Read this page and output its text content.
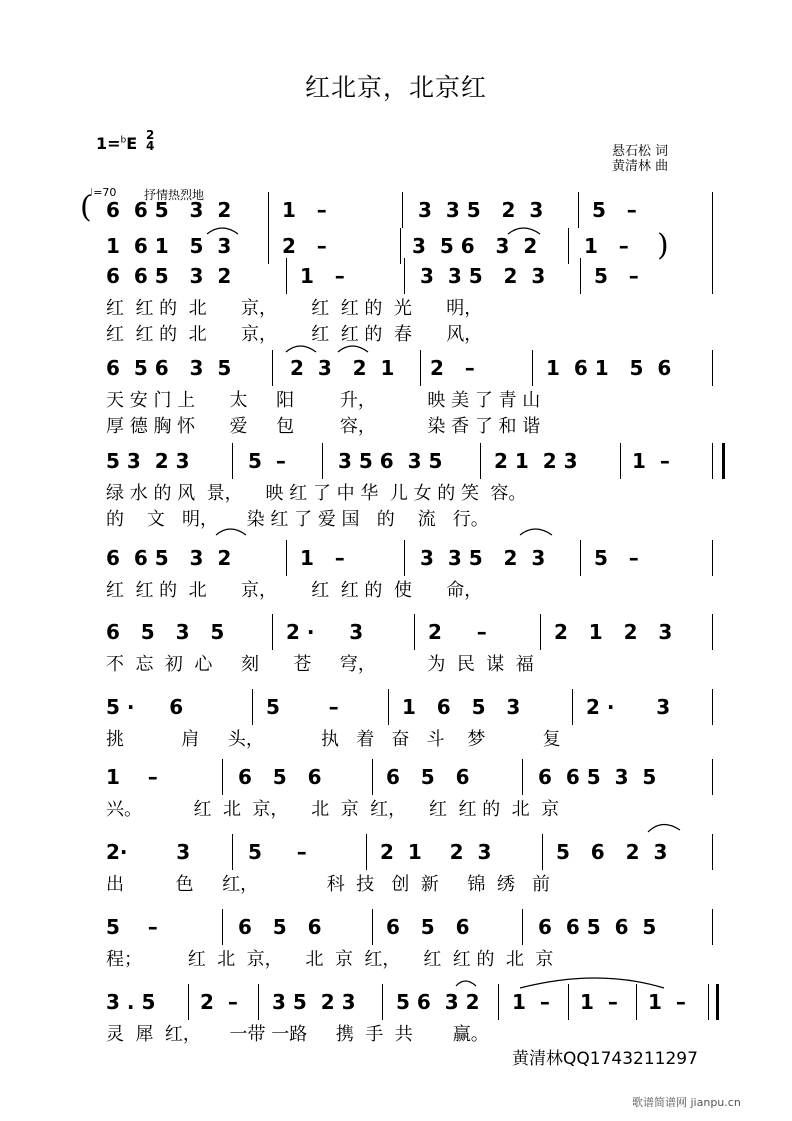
红北京，北京红
1=$^b$E 2
4	悬石松 词
黄清林 曲
♩=70 抒情热烈地
(
)
6  6 5   3  2	1   –	3  3 5   2  3 5   –
1  6 1   5  3	2   –	3  5 6   3  2 1   –
6  6 5   3  2	1   –	3  3 5   2  3 5   –
红  红 的  北      京，      红  红 的  光      明，
红  红 的  北      京，      红  红 的  春      风，
6  5 6   3  5	2  3   2  1 2   –	1  6 1   5  6
天 安 门 上      太     阳        升，         映 美 了 青 山
厚 德 胸 怀      爱     包        容，         染 香 了 和 谐
5 3  2 3	5  –	3 5 6  3 5	2 1  2 3	1  –
绿 水 的 风  景，    映 红 了 中 华  儿 女 的 笑  容。
的    文   明，     染 红 了 爱 国   的    流   行。
6  6 5   3  2	1   –	3  3 5   2  3 5   –
红  红 的  北      京，      红  红 的  使      命，
6   5   3   5	2 ·     3	2     –	2   1   2   3
不  忘  初  心     刻      苍     穹，         为  民  谋  福
5 ·     6	5       –	1   6   5   3	2 ·      3
挑          肩     头，          执   着   奋   斗    梦          复
1    –	6   5   6	6   5   6	6  6 5  3  5
兴。         红  北  京，    北  京  红，    红  红 的  北  京
2·       3	5     –	2  1    2  3	5   6   2  3
出         色     红，            科  技   创  新     锦  绣   前
5    –	6   5   6	6   5   6	6  6 5  6  5
程；        红  北  京，    北  京  红，    红  红 的  北  京
3 . 5 2  – 3 5  2 3 5 6  3 2 1  – 1  – 1  –
灵  犀  红，     一带 一路     携  手  共       赢。
黄清林QQ1743211297
歌谱简谱网 jianpu.cn
